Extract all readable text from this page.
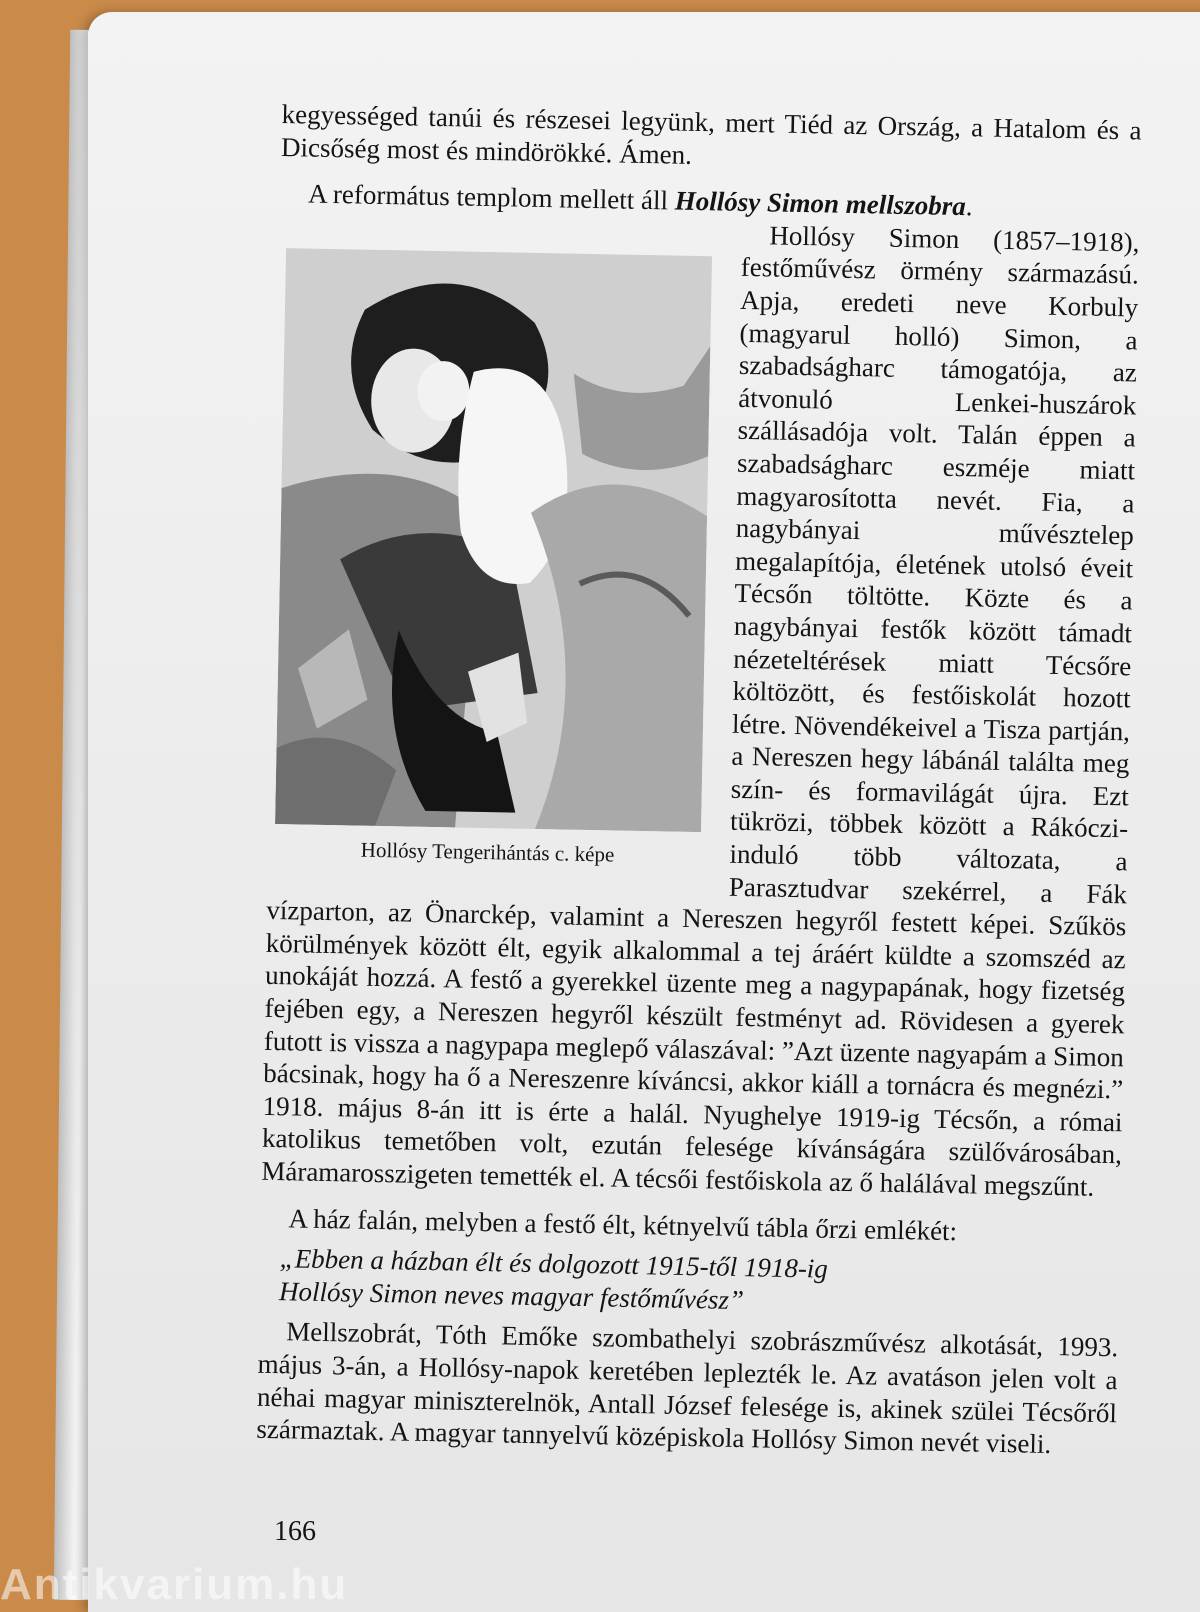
kegyességed tanúi és részesei legyünk, mert Tiéd az Ország, a Hatalom és a Dicsőség most és mindörökké. Ámen.

A református templom mellett áll Hollósy Simon mellszobra.

Hollósy Tengerihántás c. képe

Hollósy Simon (1857–1918), festőművész örmény származású. Apja, eredeti neve Korbuly (magyarul holló) Simon, a szabadságharc támogatója, az átvonuló Lenkei-huszárok szállásadója volt. Talán éppen a szabadságharc eszméje miatt magyarosította nevét. Fia, a nagybányai művésztelep megalapítója, életének utolsó éveit Técsőn töltötte. Közte és a nagybányai festők között támadt nézeteltérések miatt Técsőre költözött, és festőiskolát hozott létre. Növendékeivel a Tisza partján, a Nereszen hegy lábánál találta meg szín- és formavilágát újra. Ezt tükrözi, többek között a Rákóczi-induló több változata, a Parasztudvar szekérrel, a Fák vízparton, az Önarckép, valamint a Nereszen hegyről festett képei. Szűkös körülmények között élt, egyik alkalommal a tej áráért küldte a szomszéd az unokáját hozzá. A festő a gyerekkel üzente meg a nagypapának, hogy fizetség fejében egy, a Nereszen hegyről készült festményt ad. Rövidesen a gyerek futott is vissza a nagypapa meglepő válaszával: ”Azt üzente nagyapám a Simon bácsinak, hogy ha ő a Nereszenre kíváncsi, akkor kiáll a tornácra és megnézi.” 1918. május 8-án itt is érte a halál. Nyughelye 1919-ig Técsőn, a római katolikus temetőben volt, ezután felesége kívánságára szülővárosában, Máramarosszigeten temették el. A técsői festőiskola az ő halálával megszűnt.

A ház falán, melyben a festő élt, kétnyelvű tábla őrzi emlékét:

„Ebben a házban élt és dolgozott 1915-től 1918-ig
Hollósy Simon neves magyar festőművész”

Mellszobrát, Tóth Emőke szombathelyi szobrászművész alkotását, 1993. május 3-án, a Hollósy-napok keretében leplezték le. Az avatáson jelen volt a néhai magyar miniszterelnök, Antall József felesége is, akinek szülei Técsőről származtak. A magyar tannyelvű középiskola Hollósy Simon nevét viseli.

166
Antikvarium.hu
